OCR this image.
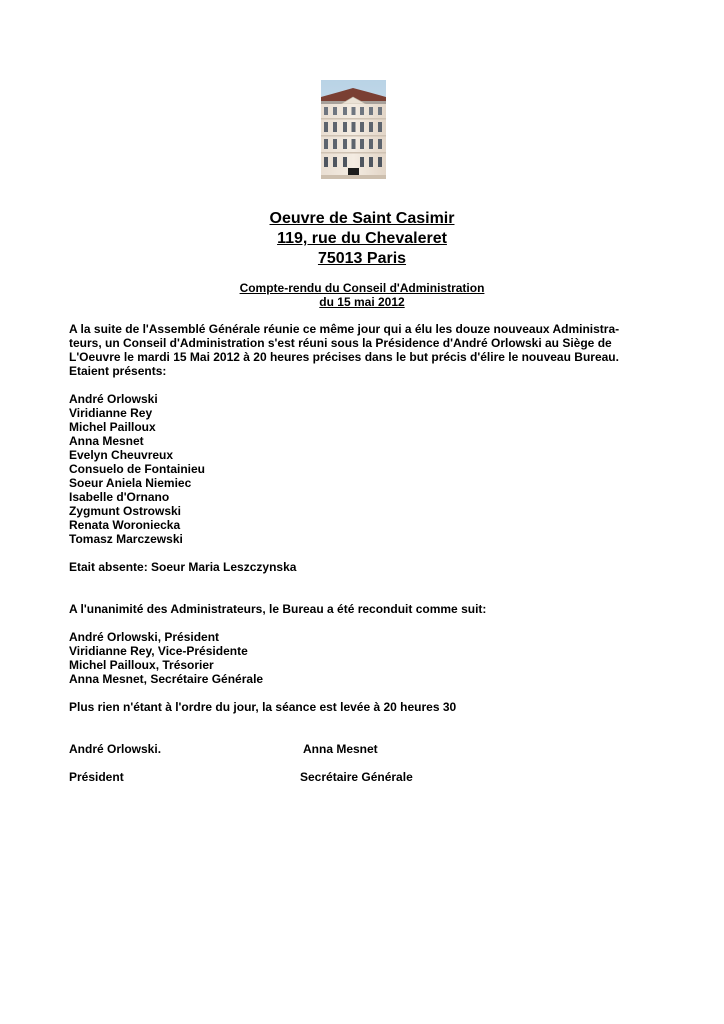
Oeuvre de Saint Casimir

119, rue du Chevaleret

75013 Paris

Compte-rendu du Conseil d'Administration

du 15 mai 2012

A la suite de l'Assemblé Générale réunie ce même jour qui a élu les douze nouveaux Administra-
teurs, un Conseil d'Administration s'est réuni sous la Présidence d'André Orlowski au Siège de
L'Oeuvre le mardi 15 Mai 2012 à 20 heures précises dans le but précis d'élire le nouveau Bureau.
Etaient présents:
André Orlowski
Viridianne Rey
Michel Pailloux
Anna Mesnet
Evelyn Cheuvreux
Consuelo de Fontainieu
Soeur Aniela Niemiec
Isabelle d'Ornano
Zygmunt Ostrowski
Renata Woroniecka
Tomasz Marczewski
Etait absente: Soeur Maria Leszczynska
A l'unanimité des Administrateurs, le Bureau a été reconduit comme suit:
André Orlowski, Président
Viridianne Rey, Vice-Présidente
Michel Pailloux, Trésorier
Anna Mesnet, Secrétaire Générale
Plus rien n'étant à l'ordre du jour, la séance est levée à 20 heures 30
André Orlowski.	Anna Mesnet
Président	Secrétaire Générale
